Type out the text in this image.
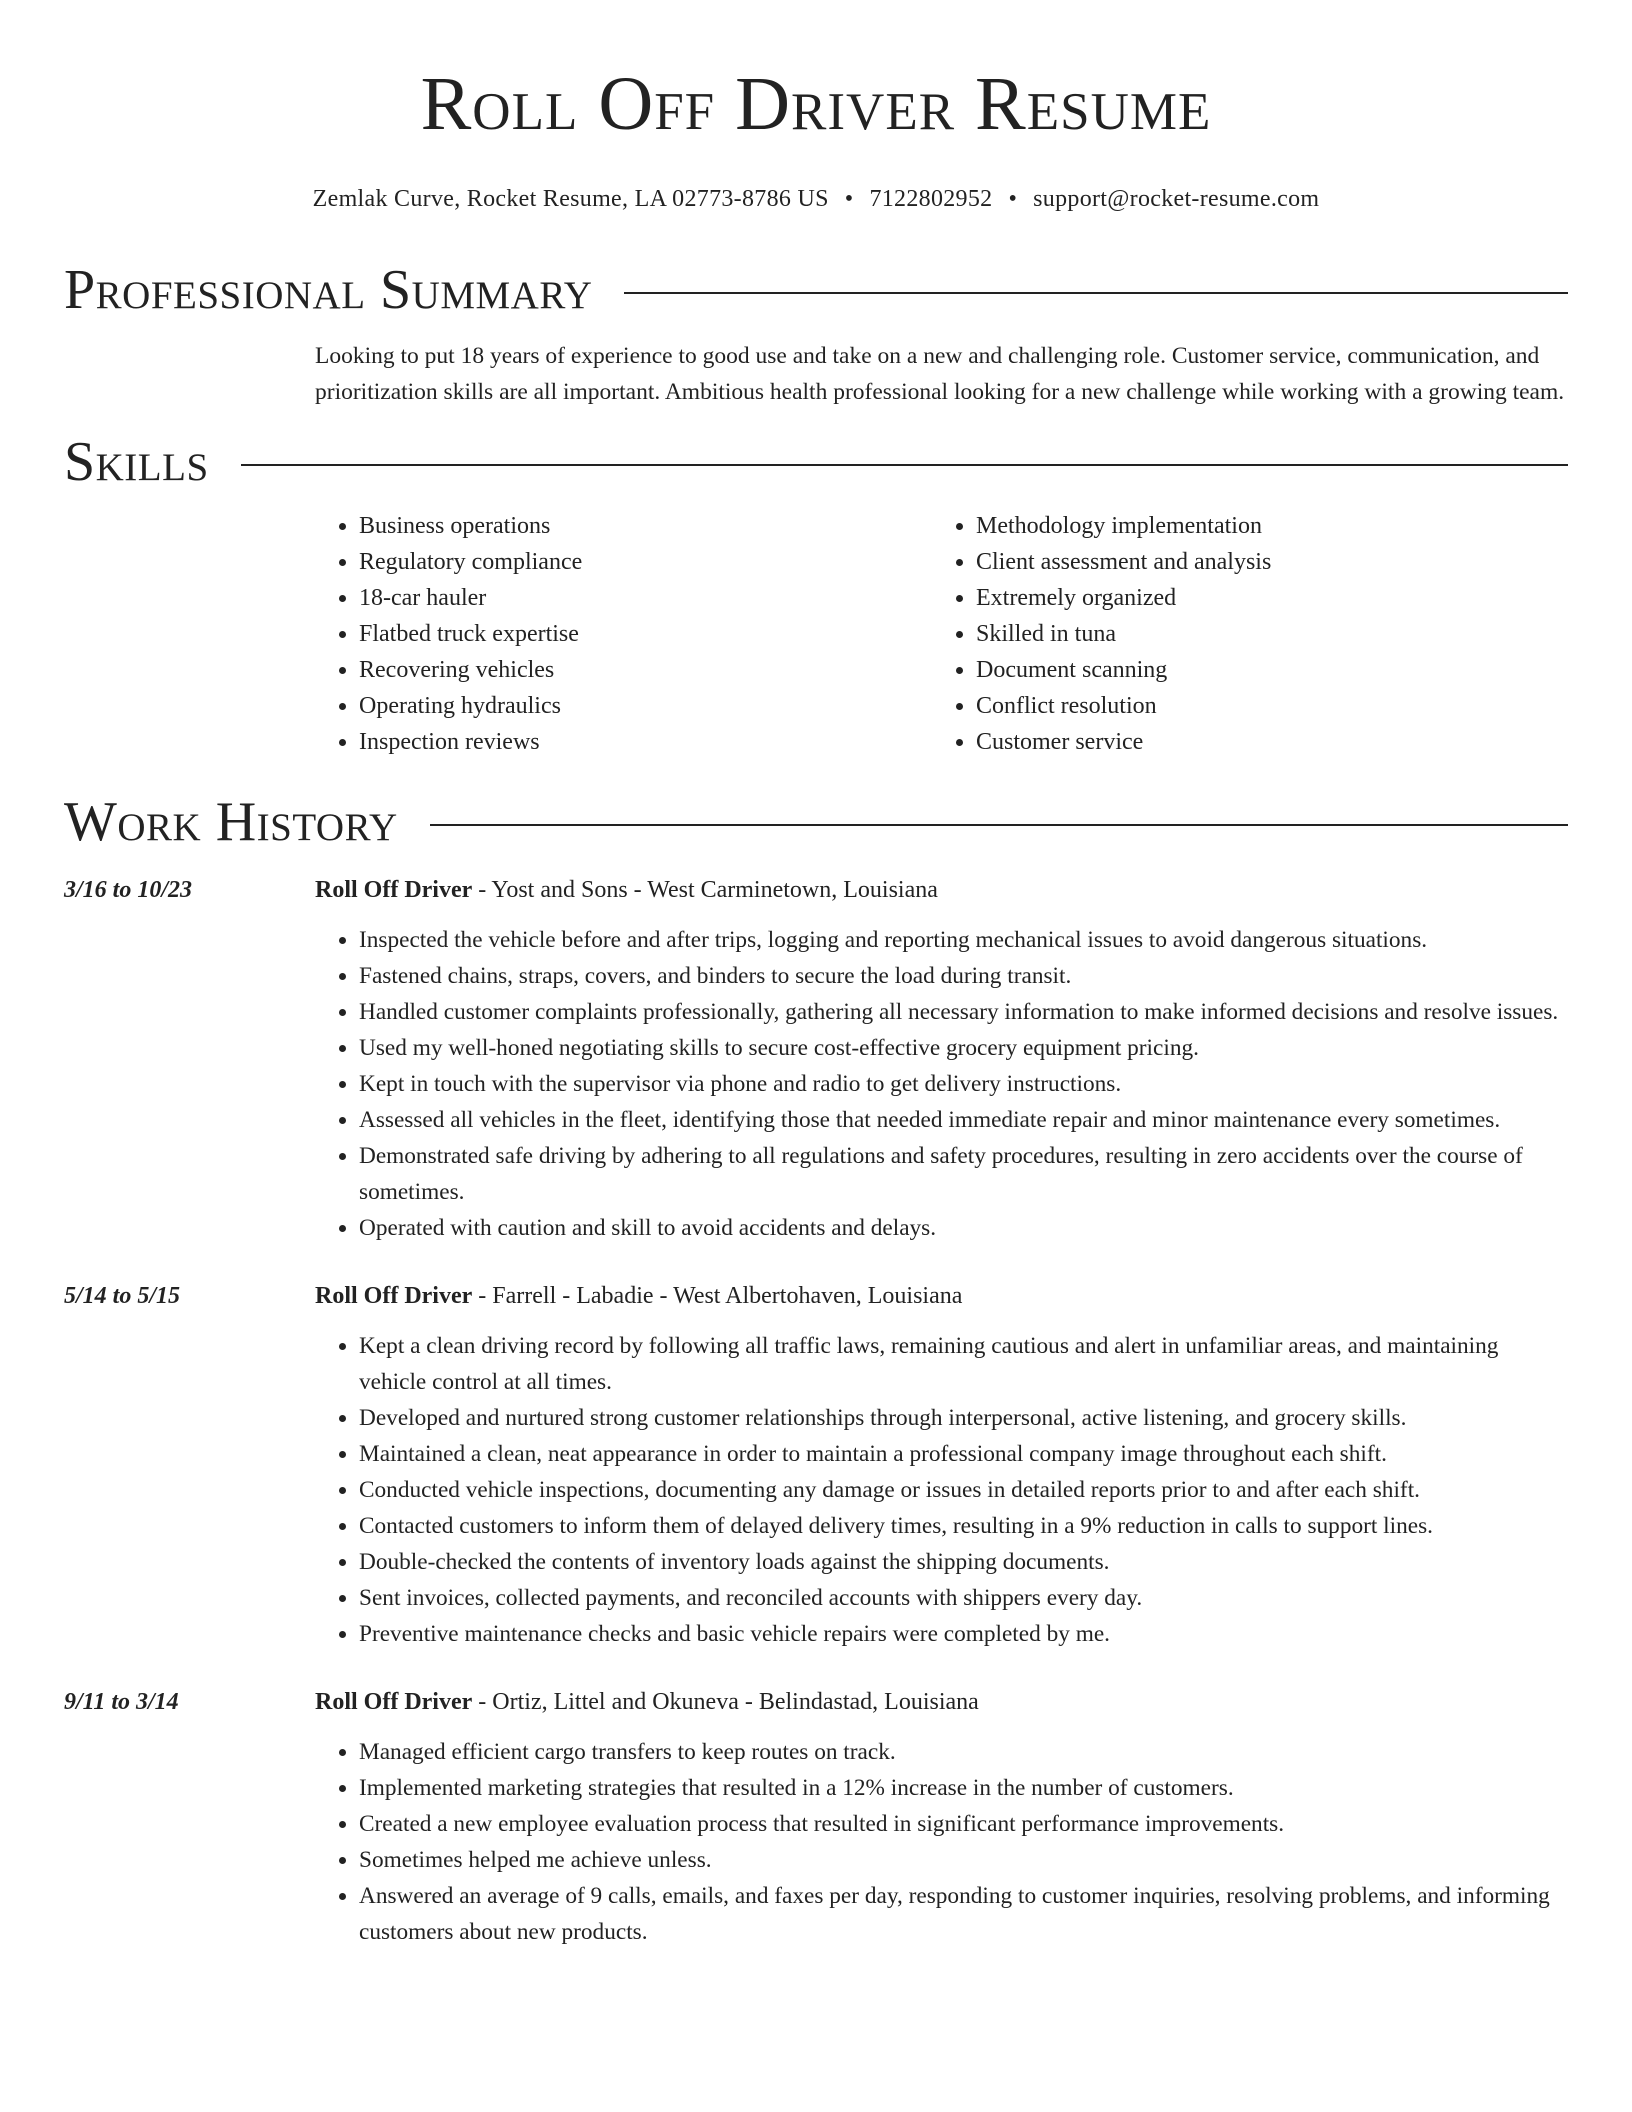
Roll Off Driver Resume
Zemlak Curve, Rocket Resume, LA 02773-8786 US • 7122802952 • support@rocket-resume.com
Professional Summary
Looking to put 18 years of experience to good use and take on a new and challenging role. Customer service, communication, and prioritization skills are all important. Ambitious health professional looking for a new challenge while working with a growing team.
Skills
• Business operations
• Regulatory compliance
• 18-car hauler
• Flatbed truck expertise
• Recovering vehicles
• Operating hydraulics
• Inspection reviews
• Methodology implementation
• Client assessment and analysis
• Extremely organized
• Skilled in tuna
• Document scanning
• Conflict resolution
• Customer service
Work History
3/16 to 10/23	Roll Off Driver - Yost and Sons - West Carminetown, Louisiana
• Inspected the vehicle before and after trips, logging and reporting mechanical issues to avoid dangerous situations.
• Fastened chains, straps, covers, and binders to secure the load during transit.
• Handled customer complaints professionally, gathering all necessary information to make informed decisions and resolve issues.
• Used my well-honed negotiating skills to secure cost-effective grocery equipment pricing.
• Kept in touch with the supervisor via phone and radio to get delivery instructions.
• Assessed all vehicles in the fleet, identifying those that needed immediate repair and minor maintenance every sometimes.
• Demonstrated safe driving by adhering to all regulations and safety procedures, resulting in zero accidents over the course of sometimes.
• Operated with caution and skill to avoid accidents and delays.
5/14 to 5/15	Roll Off Driver - Farrell - Labadie - West Albertohaven, Louisiana
• Kept a clean driving record by following all traffic laws, remaining cautious and alert in unfamiliar areas, and maintaining vehicle control at all times.
• Developed and nurtured strong customer relationships through interpersonal, active listening, and grocery skills.
• Maintained a clean, neat appearance in order to maintain a professional company image throughout each shift.
• Conducted vehicle inspections, documenting any damage or issues in detailed reports prior to and after each shift.
• Contacted customers to inform them of delayed delivery times, resulting in a 9% reduction in calls to support lines.
• Double-checked the contents of inventory loads against the shipping documents.
• Sent invoices, collected payments, and reconciled accounts with shippers every day.
• Preventive maintenance checks and basic vehicle repairs were completed by me.
9/11 to 3/14	Roll Off Driver - Ortiz, Littel and Okuneva - Belindastad, Louisiana
• Managed efficient cargo transfers to keep routes on track.
• Implemented marketing strategies that resulted in a 12% increase in the number of customers.
• Created a new employee evaluation process that resulted in significant performance improvements.
• Sometimes helped me achieve unless.
• Answered an average of 9 calls, emails, and faxes per day, responding to customer inquiries, resolving problems, and informing customers about new products.
